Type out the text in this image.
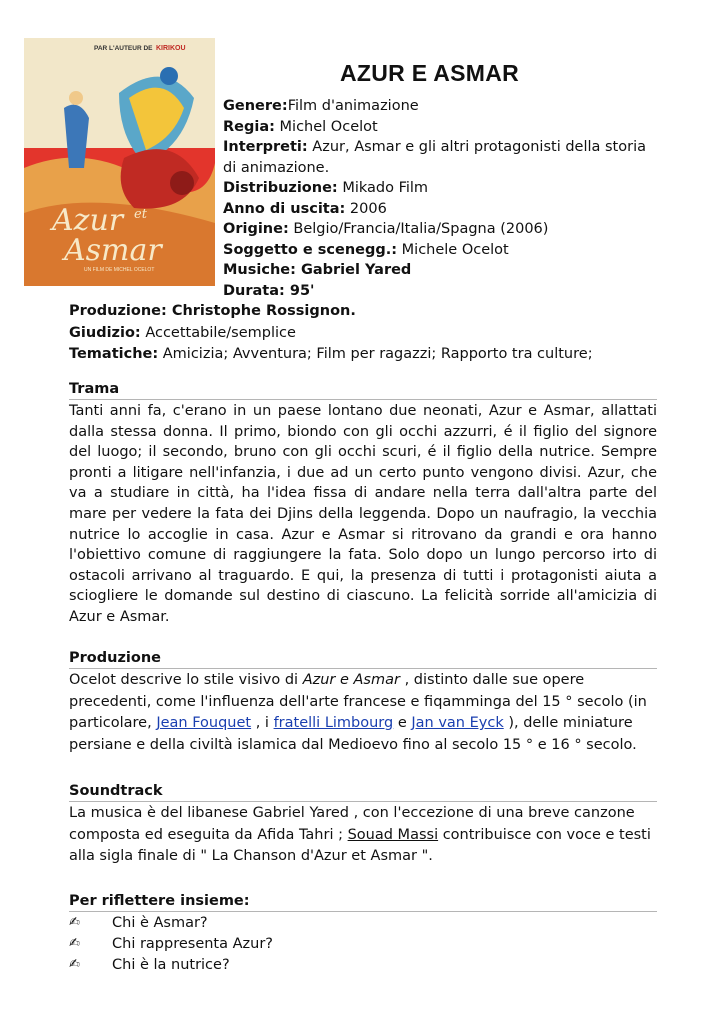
PAR L'AUTEUR DE KIRIKOU
Azur et
Asmar
UN FILM DE MICHEL OCELOT
AZUR E ASMAR

Genere:Film d'animazione

Regia: Michel Ocelot

Interpreti: Azur, Asmar e gli altri protagonisti della storia
di animazione.

Distribuzione: Mikado Film

Anno di uscita: 2006

Origine: Belgio/Francia/Italia/Spagna (2006)

Soggetto e scenegg.: Michele Ocelot

Musiche: Gabriel Yared

Durata: 95'

Produzione: Christophe Rossignon.
Giudizio: Accettabile/semplice
Tematiche: Amicizia; Avventura; Film per ragazzi; Rapporto tra culture;
Trama
Tanti anni fa, c'erano in un paese lontano due neonati, Azur e Asmar, allattati dalla stessa donna. Il primo, biondo con gli occhi azzurri, é il figlio del signore del luogo; il secondo, bruno con gli occhi scuri, é il figlio della nutrice. Sempre pronti a litigare nell'infanzia, i due ad un certo punto vengono divisi. Azur, che va a studiare in città, ha l'idea fissa di andare nella terra dall'altra parte del mare per vedere la fata dei Djins della leggenda. Dopo un naufragio, la vecchia nutrice lo accoglie in casa. Azur e Asmar si ritrovano da grandi e ora hanno l'obiettivo comune di raggiungere la fata. Solo dopo un lungo percorso irto di ostacoli arrivano al traguardo. E qui, la presenza di tutti i protagonisti aiuta a sciogliere le domande sul destino di ciascuno. La felicità sorride all'amicizia di Azur e Asmar.
Produzione
Ocelot descrive lo stile visivo di Azur e Asmar , distinto dalle sue opere precedenti, come l'influenza dell'arte francese e fiqamminga del 15 ° secolo (in particolare, Jean Fouquet , i fratelli Limbourg e Jan van Eyck ), delle miniature persiane e della civiltà islamica dal Medioevo fino al secolo 15 ° e 16 ° secolo.
Soundtrack
La musica è del libanese Gabriel Yared , con l'eccezione di una breve canzone composta ed eseguita da Afida Tahri ; Souad Massi contribuisce con voce e testi alla sigla finale di " La Chanson d'Azur et Asmar ".
Per riflettere insieme:
✍ Chi è Asmar?
✍ Chi rappresenta Azur?
✍ Chi è la nutrice?
